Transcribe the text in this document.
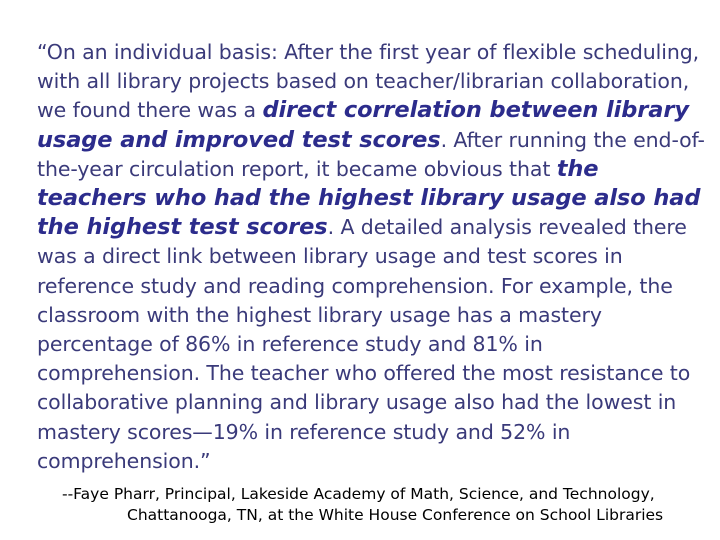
“On an individual basis: After the first year of flexible scheduling, with all library projects based on teacher/librarian collaboration, we found there was a direct correlation between library usage and improved test scores. After running the end-of-the-year circulation report, it became obvious that the teachers who had the highest library usage also had the highest test scores. A detailed analysis revealed there was a direct link between library usage and test scores in reference study and reading comprehension. For example, the classroom with the highest library usage has a mastery percentage of 86% in reference study and 81% in comprehension. The teacher who offered the most resistance to collaborative planning and library usage also had the lowest in mastery scores—19% in reference study and 52% in comprehension.”

--Faye Pharr, Principal, Lakeside Academy of Math, Science, and Technology,
Chattanooga, TN, at the White House Conference on School Libraries
